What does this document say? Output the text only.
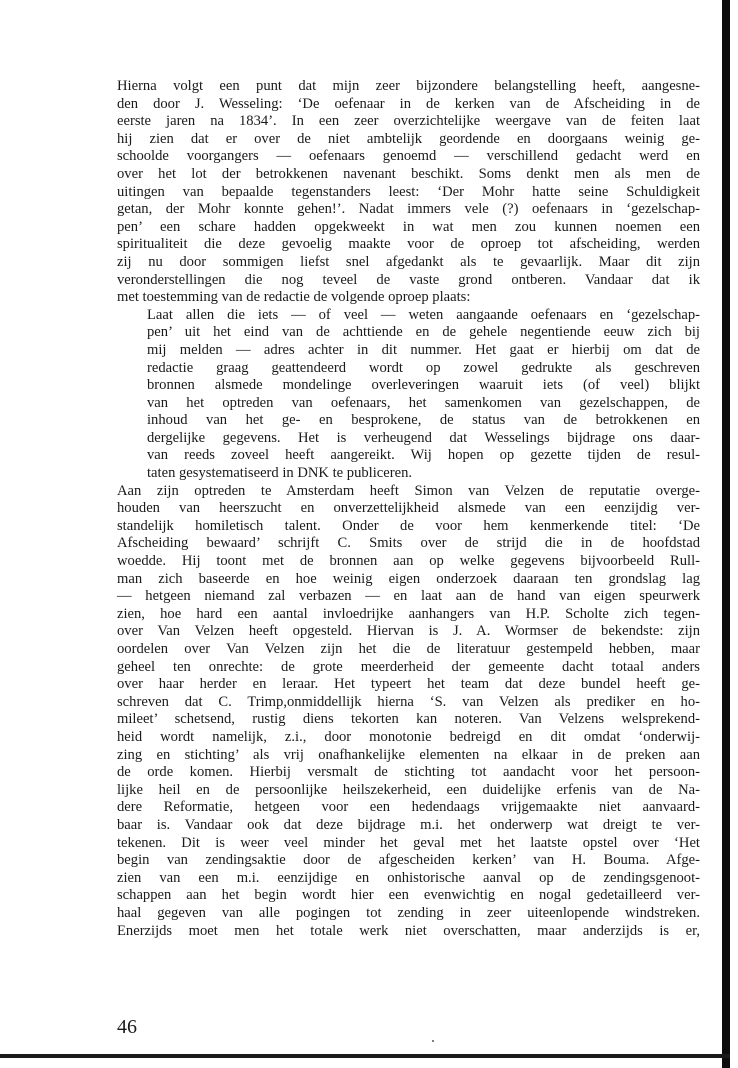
Hierna volgt een punt dat mijn zeer bijzondere belangstelling heeft, aangesne-
den door J. Wesseling: ‘De oefenaar in de kerken van de Afscheiding in de
eerste jaren na 1834’. In een zeer overzichtelijke weergave van de feiten laat
hij zien dat er over de niet ambtelijk geordende en doorgaans weinig ge-
schoolde voorgangers — oefenaars genoemd — verschillend gedacht werd en
over het lot der betrokkenen navenant beschikt. Soms denkt men als men de
uitingen van bepaalde tegenstanders leest: ‘Der Mohr hatte seine Schuldigkeit
getan, der Mohr konnte gehen!’. Nadat immers vele (?) oefenaars in ‘gezelschap-
pen’ een schare hadden opgekweekt in wat men zou kunnen noemen een
spiritualiteit die deze gevoelig maakte voor de oproep tot afscheiding, werden
zij nu door sommigen liefst snel afgedankt als te gevaarlijk. Maar dit zijn
veronderstellingen die nog teveel de vaste grond ontberen. Vandaar dat ik
met toestemming van de redactie de volgende oproep plaats:
Laat allen die iets — of veel — weten aangaande oefenaars en ‘gezelschap-
pen’ uit het eind van de achttiende en de gehele negentiende eeuw zich bij
mij melden — adres achter in dit nummer. Het gaat er hierbij om dat de
redactie graag geattendeerd wordt op zowel gedrukte als geschreven
bronnen alsmede mondelinge overleveringen waaruit iets (of veel) blijkt
van het optreden van oefenaars, het samenkomen van gezelschappen, de
inhoud van het ge- en besprokene, de status van de betrokkenen en
dergelijke gegevens. Het is verheugend dat Wesselings bijdrage ons daar-
van reeds zoveel heeft aangereikt. Wij hopen op gezette tijden de resul-
taten gesystematiseerd in DNK te publiceren.
Aan zijn optreden te Amsterdam heeft Simon van Velzen de reputatie overge-
houden van heerszucht en onverzettelijkheid alsmede van een eenzijdig ver-
standelijk homiletisch talent. Onder de voor hem kenmerkende titel: ‘De
Afscheiding bewaard’ schrijft C. Smits over de strijd die in de hoofdstad
woedde. Hij toont met de bronnen aan op welke gegevens bijvoorbeeld Rull-
man zich baseerde en hoe weinig eigen onderzoek daaraan ten grondslag lag
— hetgeen niemand zal verbazen — en laat aan de hand van eigen speurwerk
zien, hoe hard een aantal invloedrijke aanhangers van H.P. Scholte zich tegen-
over Van Velzen heeft opgesteld. Hiervan is J. A. Wormser de bekendste: zijn
oordelen over Van Velzen zijn het die de literatuur gestempeld hebben, maar
geheel ten onrechte: de grote meerderheid der gemeente dacht totaal anders
over haar herder en leraar. Het typeert het team dat deze bundel heeft ge-
schreven dat C. Trimp,onmiddellijk hierna ‘S. van Velzen als prediker en ho-
mileet’ schetsend, rustig diens tekorten kan noteren. Van Velzens welsprekend-
heid wordt namelijk, z.i., door monotonie bedreigd en dit omdat ‘onderwij-
zing en stichting’ als vrij onafhankelijke elementen na elkaar in de preken aan
de orde komen. Hierbij versmalt de stichting tot aandacht voor het persoon-
lijke heil en de persoonlijke heilszekerheid, een duidelijke erfenis van de Na-
dere Reformatie, hetgeen voor een hedendaags vrijgemaakte niet aanvaard-
baar is. Vandaar ook dat deze bijdrage m.i. het onderwerp wat dreigt te ver-
tekenen. Dit is weer veel minder het geval met het laatste opstel over ‘Het
begin van zendingsaktie door de afgescheiden kerken’ van H. Bouma. Afge-
zien van een m.i. eenzijdige en onhistorische aanval op de zendingsgenoot-
schappen aan het begin wordt hier een evenwichtig en nogal gedetailleerd ver-
haal gegeven van alle pogingen tot zending in zeer uiteenlopende windstreken.
Enerzijds moet men het totale werk niet overschatten, maar anderzijds is er,
46
